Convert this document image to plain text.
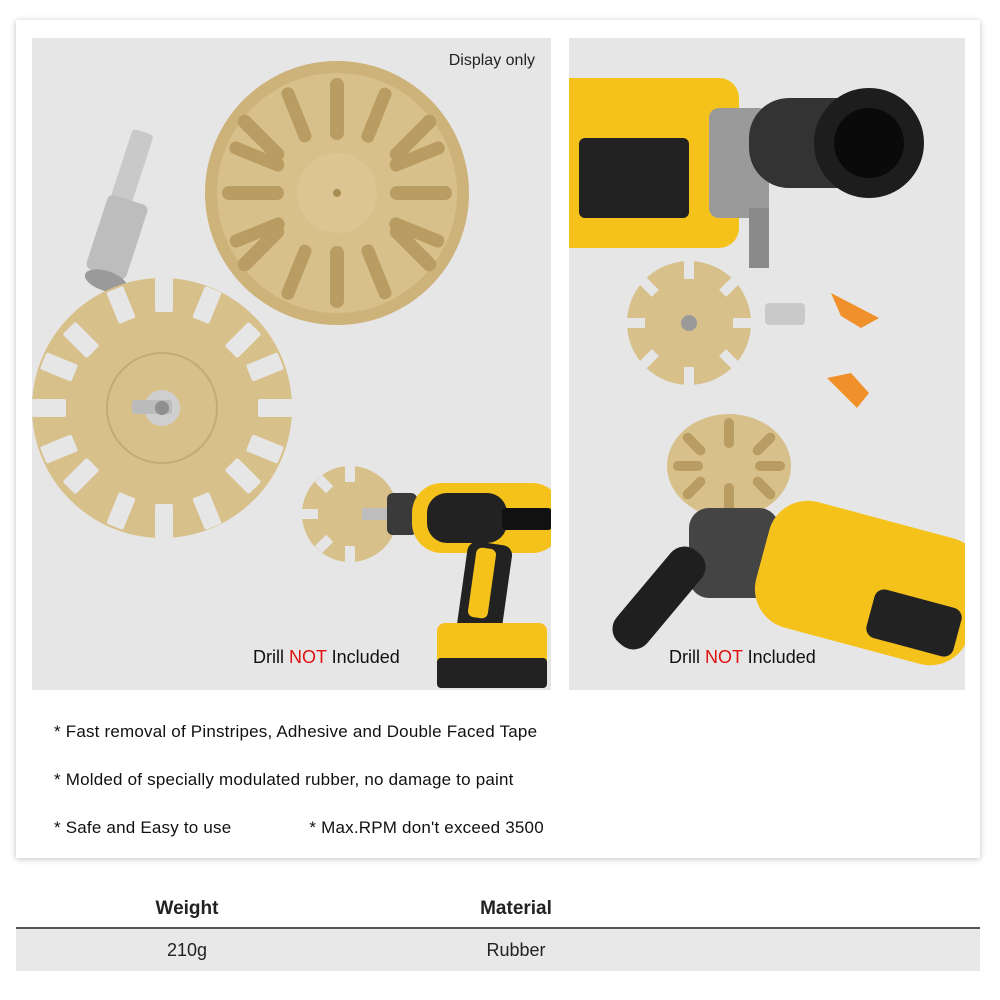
Display only
Drill NOT Included	Drill NOT Included
* Fast removal of Pinstripes, Adhesive and Double Faced Tape
* Molded of specially modulated rubber, no damage to paint
* Safe and Easy to use	* Max.RPM don't exceed 3500
Weight	Material
210g	Rubber
